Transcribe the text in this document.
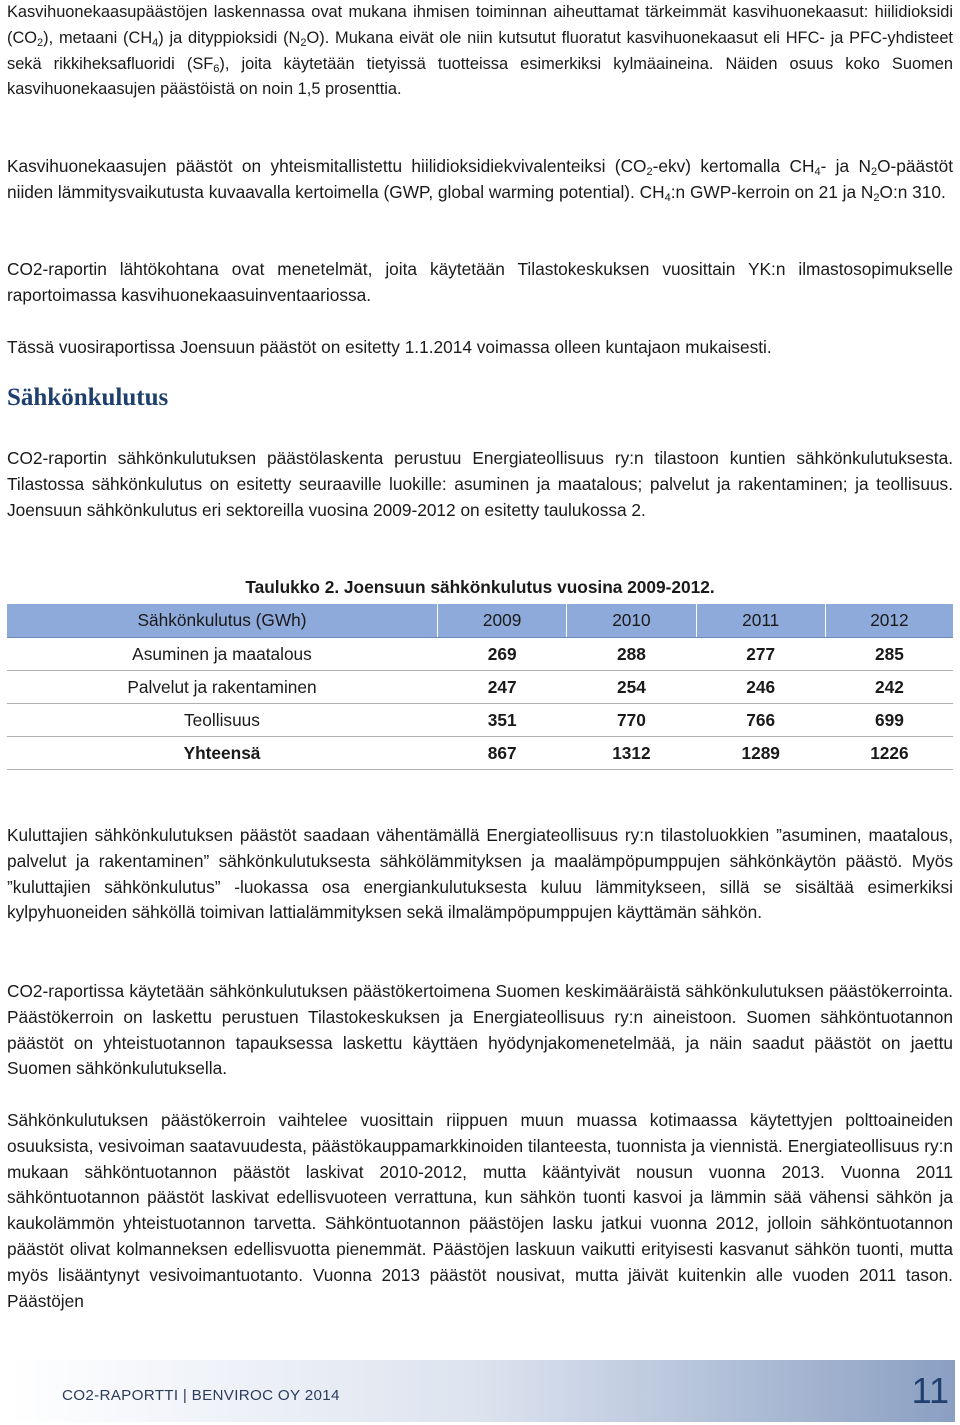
Kasvihuonekaasupäästöjen laskennassa ovat mukana ihmisen toiminnan aiheuttamat tärkeimmät kasvihuonekaasut: hiilidioksidi $(CO_2)$, metaani $(CH_4)$ ja dityppioksidi $(N_2O)$. Mukana eivät ole niin kutsutut fluoratut kasvihuonekaasut eli HFC- ja PFC-yhdisteet sekä rikkiheksafluoridi $(SF_6)$, joita käytetään tietyissä tuotteissa esimerkiksi kylmäaineina. Näiden osuus koko Suomen kasvihuonekaasujen päästöistä on noin 1,5 prosenttia.

Kasvihuonekaasujen päästöt on yhteismitallistettu hiilidioksidiekvivalenteiksi $(CO_2-ekv)$ kertomalla $CH_4-$ ja $N_2O$-päästöt niiden lämmitysvaikutusta kuvaavalla kertoimella (GWP, global warming potential). $CH_4:n$ GWP-kerroin on 21 ja $N_2O:n$ 310.

CO2-raportin lähtökohtana ovat menetelmät, joita käytetään Tilastokeskuksen vuosittain YK:n ilmastosopimukselle raportoimassa kasvihuonekaasuinventaariossa.

Tässä vuosiraportissa Joensuun päästöt on esitetty 1.1.2014 voimassa olleen kuntajaon mukaisesti.

Sähkönkulutus

CO2-raportin sähkönkulutuksen päästölaskenta perustuu Energiateollisuus ry:n tilastoon kuntien sähkönkulutuksesta. Tilastossa sähkönkulutus on esitetty seuraaville luokille: asuminen ja maatalous; palvelut ja rakentaminen; ja teollisuus. Joensuun sähkönkulutus eri sektoreilla vuosina 2009-2012 on esitetty taulukossa 2.

Taulukko 2. Joensuun sähkönkulutus vuosina 2009-2012.
Sähkönkulutus (GWh)	2009	2010	2011	2012
Asuminen ja maatalous	269	288	277	285
Palvelut ja rakentaminen	247	254	246	242
Teollisuus	351	770	766	699
Yhteensä	867	1312	1289	1226

Kuluttajien sähkönkulutuksen päästöt saadaan vähentämällä Energiateollisuus ry:n tilastoluokkien ”asuminen, maatalous, palvelut ja rakentaminen” sähkönkulutuksesta sähkölämmityksen ja maalämpöpumppujen sähkönkäytön päästö. Myös ”kuluttajien sähkönkulutus” -luokassa osa energiankulutuksesta kuluu lämmitykseen, sillä se sisältää esimerkiksi kylpyhuoneiden sähköllä toimivan lattialämmityksen sekä ilmalämpöpumppujen käyttämän sähkön.

CO2-raportissa käytetään sähkönkulutuksen päästökertoimena Suomen keskimääräistä sähkönkulutuksen päästökerrointa. Päästökerroin on laskettu perustuen Tilastokeskuksen ja Energiateollisuus ry:n aineistoon. Suomen sähköntuotannon päästöt on yhteistuotannon tapauksessa laskettu käyttäen hyödynjakomenetelmää, ja näin saadut päästöt on jaettu Suomen sähkönkulutuksella.

Sähkönkulutuksen päästökerroin vaihtelee vuosittain riippuen muun muassa kotimaassa käytettyjen polttoaineiden osuuksista, vesivoiman saatavuudesta, päästökauppamarkkinoiden tilanteesta, tuonnista ja viennistä. Energiateollisuus ry:n mukaan sähköntuotannon päästöt laskivat 2010-2012, mutta kääntyivät nousun vuonna 2013. Vuonna 2011 sähköntuotannon päästöt laskivat edellisvuoteen verrattuna, kun sähkön tuonti kasvoi ja lämmin sää vähensi sähkön ja kaukolämmön yhteistuotannon tarvetta. Sähköntuotannon päästöjen lasku jatkui vuonna 2012, jolloin sähköntuotannon päästöt olivat kolmanneksen edellisvuotta pienemmät. Päästöjen laskuun vaikutti erityisesti kasvanut sähkön tuonti, mutta myös lisääntynyt vesivoimantuotanto. Vuonna 2013 päästöt nousivat, mutta jäivät kuitenkin alle vuoden 2011 tason. Päästöjen

CO2-RAPORTTI | BENVIROC OY 2014	11
